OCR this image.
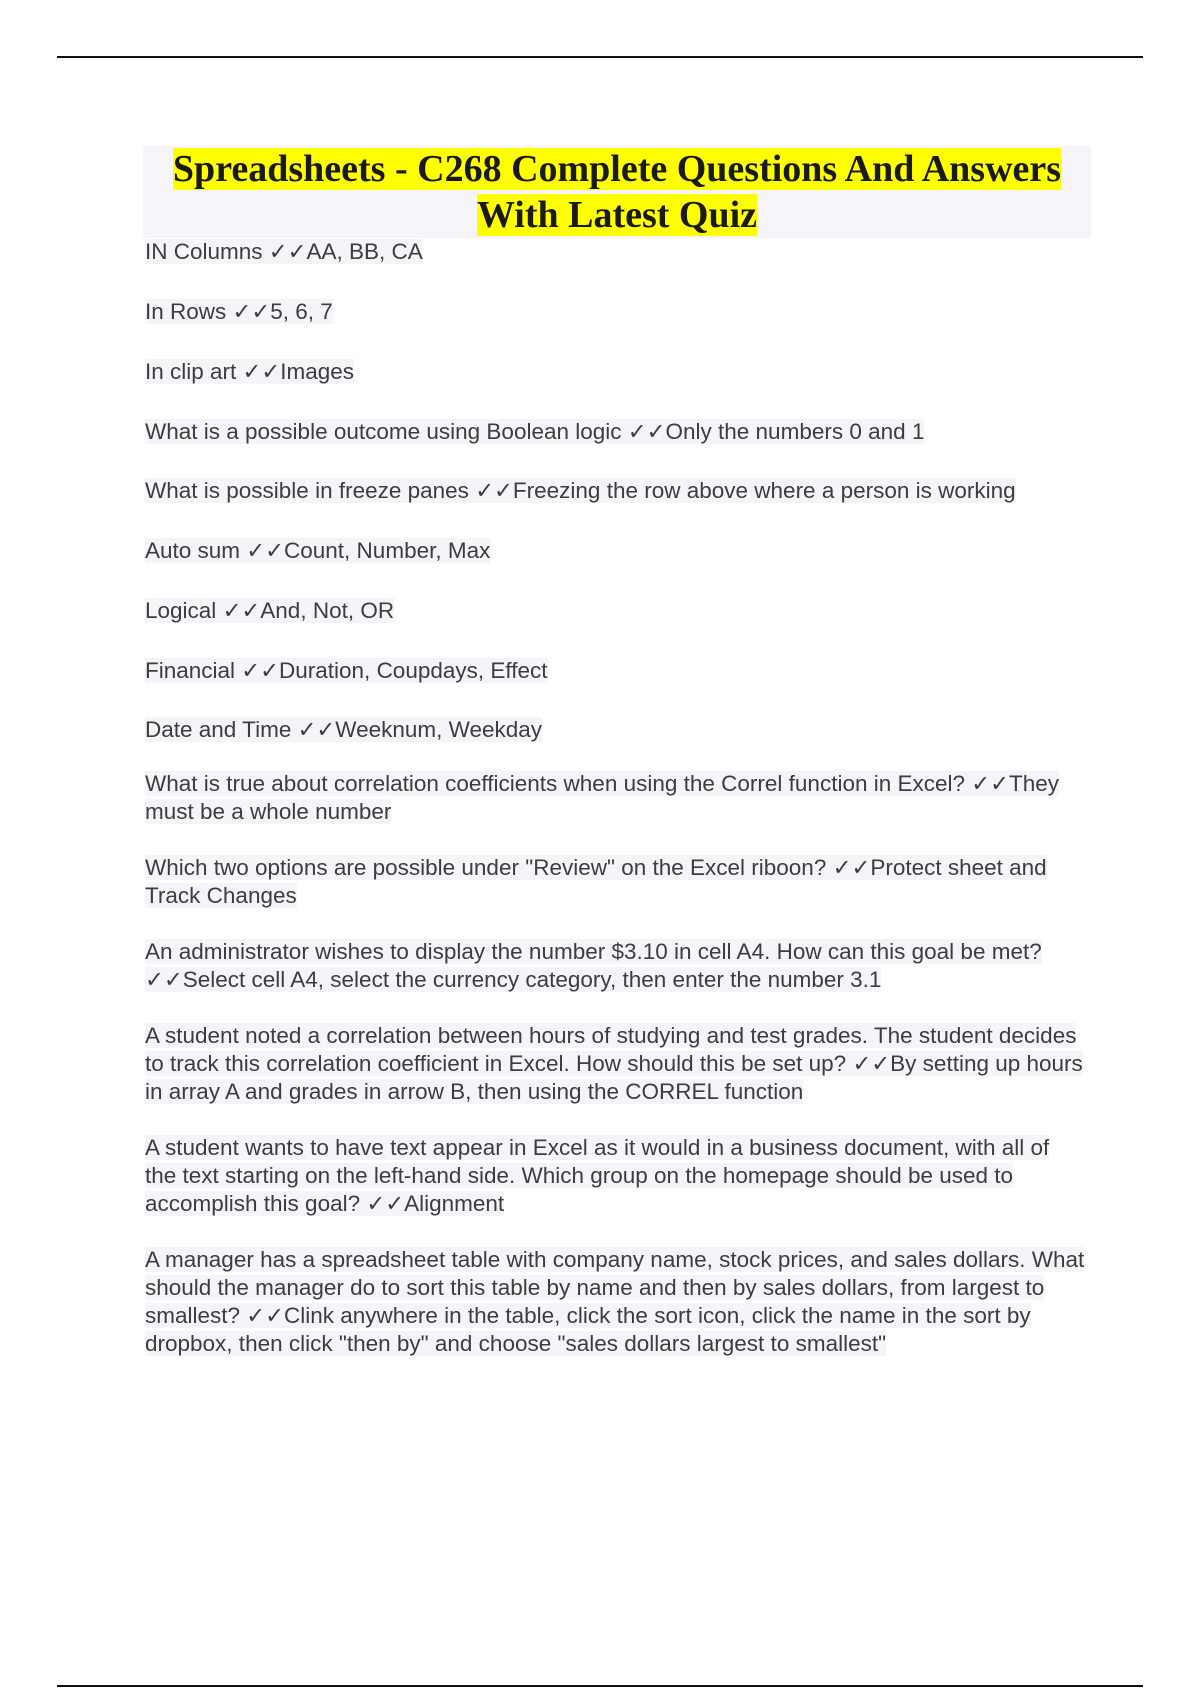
Spreadsheets - C268 Complete Questions And Answers
With Latest Quiz

IN Columns ✓✓AA, BB, CA

In Rows ✓✓5, 6, 7

In clip art ✓✓Images

What is a possible outcome using Boolean logic ✓✓Only the numbers 0 and 1

What is possible in freeze panes ✓✓Freezing the row above where a person is working

Auto sum ✓✓Count, Number, Max

Logical ✓✓And, Not, OR

Financial ✓✓Duration, Coupdays, Effect

Date and Time ✓✓Weeknum, Weekday

What is true about correlation coefficients when using the Correl function in Excel? ✓✓They must be a whole number

Which two options are possible under "Review" on the Excel riboon? ✓✓Protect sheet and Track Changes

An administrator wishes to display the number $3.10 in cell A4. How can this goal be met? ✓✓Select cell A4, select the currency category, then enter the number 3.1

A student noted a correlation between hours of studying and test grades. The student decides to track this correlation coefficient in Excel. How should this be set up? ✓✓By setting up hours in array A and grades in arrow B, then using the CORREL function

A student wants to have text appear in Excel as it would in a business document, with all of the text starting on the left-hand side. Which group on the homepage should be used to accomplish this goal? ✓✓Alignment

A manager has a spreadsheet table with company name, stock prices, and sales dollars. What should the manager do to sort this table by name and then by sales dollars, from largest to smallest? ✓✓Clink anywhere in the table, click the sort icon, click the name in the sort by dropbox, then click "then by" and choose "sales dollars largest to smallest"
